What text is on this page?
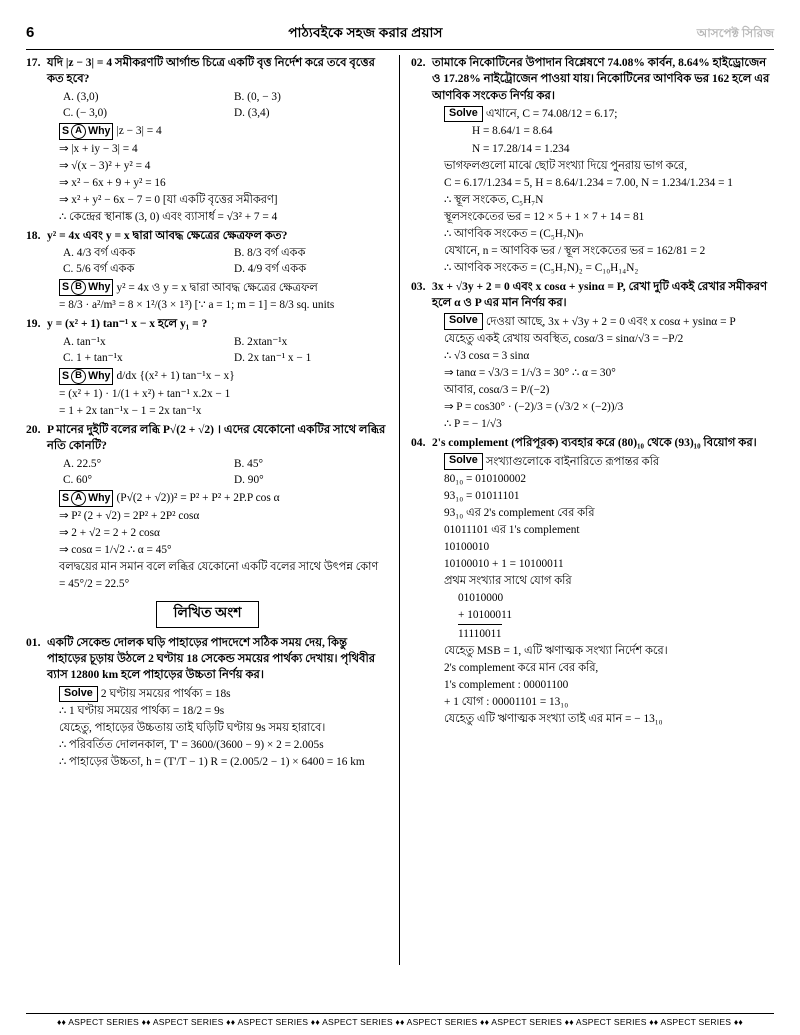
6	পাঠ্যবইকে সহজ করার প্রয়াস	আসপেক্ট সিরিজ
17. যদি |z − 3| = 4 সমীকরণটি আর্গান্ড চিত্রে একটি বৃত্ত নির্দেশ করে তবে বৃত্তের কত হবে?
A. (3,0)	B. (0, − 3)
C. (− 3,0)	D. (3,4)
S A Why |z − 3| = 4
⇒ |x + iy − 3| = 4
⇒ √(x − 3)² + y² = 4
⇒ x² − 6x + 9 + y² = 16
⇒ x² + y² − 6x − 7 = 0 [যা একটি বৃত্তের সমীকরণ]
∴ কেন্দ্রের স্থানাঙ্ক (3, 0) এবং ব্যাসার্ধ = √3² + 7 = 4
18. y² = 4x এবং y = x দ্বারা আবদ্ধ ক্ষেত্রের ক্ষেত্রফল কত?
A. 4/3 বর্গ একক	B. 8/3 বর্গ একক
C. 5/6 বর্গ একক	D. 4/9 বর্গ একক
S B Why y² = 4x ও y = x দ্বারা আবদ্ধ ক্ষেত্রের ক্ষেত্রফল
= 8/3 · a²/m³ = 8 × 1²/(3 × 1³) [∵ a = 1; m = 1] = 8/3 sq. units
19. y = (x² + 1) tan⁻¹ x − x হলে y₁ = ?
A. tan⁻¹x	B. 2xtan⁻¹x
C. 1 + tan⁻¹x	D. 2x tan⁻¹ x − 1
S B Why d/dx {(x² + 1) tan⁻¹x − x}
= (x² + 1) · 1/(1 + x²) + tan⁻¹ x.2x − 1
= 1 + 2x tan⁻¹x − 1 = 2x tan⁻¹x
20. P মানের দুইটি বলের লব্ধি P√(2 + √2) । এদের যেকোনো একটির সাথে লব্ধির নতি কোনটি?
A. 22.5°	B. 45°
C. 60°	D. 90°
S A Why (P√(2 + √2))² = P² + P² + 2P.P cos α
⇒ P² (2 + √2) = 2P² + 2P² cosα
⇒ 2 + √2 = 2 + 2 cosα
⇒ cosα = 1/√2 ∴ α = 45°
বলদ্বয়ের মান সমান বলে লব্ধির যেকোনো একটি বলের সাথে উৎপন্ন কোণ
= 45°/2 = 22.5°
লিখিত অংশ
01. একটি সেকেন্ড দোলক ঘড়ি পাহাড়ের পাদদেশে সঠিক সময় দেয়, কিন্তু পাহাড়ের চূড়ায় উঠলে 2 ঘণ্টায় 18 সেকেন্ড সময়ের পার্থক্য দেখায়। পৃথিবীর ব্যাস 12800 km হলে পাহাড়ের উচ্চতা নির্ণয় কর।
Solve 2 ঘণ্টায় সময়ের পার্থক্য = 18s
∴ 1 ঘণ্টায় সময়ের পার্থক্য = 18/2 = 9s
যেহেতু, পাহাড়ের উচ্চতায় তাই ঘড়িটি ঘণ্টায় 9s সময় হারাবে।
∴ পরিবর্তিত দোলনকাল, T' = 3600/(3600 − 9) × 2 = 2.005s
∴ পাহাড়ের উচ্চতা, h = (T'/T − 1) R = (2.005/2 − 1) × 6400 = 16 km
02. তামাকে নিকোটিনের উপাদান বিশ্লেষণে 74.08% কার্বন, 8.64% হাইড্রোজেন ও 17.28% নাইট্রোজেন পাওয়া যায়। নিকোটিনের আণবিক ভর 162 হলে এর আণবিক সংকেত নির্ণয় কর।
Solve এখানে, C = 74.08/12 = 6.17;
H = 8.64/1 = 8.64
N = 17.28/14 = 1.234
ভাগফলগুলো মাঝে ছোট সংখ্যা দিয়ে পুনরায় ভাগ করে,
C = 6.17/1.234 = 5, H = 8.64/1.234 = 7.00, N = 1.234/1.234 = 1
∴ স্থূল সংকেত, C₅H₇N
স্থূলসংকেতের ভর = 12 × 5 + 1 × 7 + 14 = 81
∴ আণবিক সংকেত = (C₅H₇N)ₙ
যেখানে, n = আণবিক ভর / স্থূল সংকেতের ভর = 162/81 = 2
∴ আণবিক সংকেত = (C₅H₇N)₂ = C₁₀H₁₄N₂
03. 3x + √3y + 2 = 0 এবং x cosα + ysinα = P, রেখা দুটি একই রেখার সমীকরণ হলে α ও P এর মান নির্ণয় কর।
Solve দেওয়া আছে, 3x + √3y + 2 = 0 এবং x cosα + ysinα = P
যেহেতু একই রেখায় অবস্থিত, cosα/3 = sinα/√3 = −P/2
∴ √3 cosα = 3 sinα
⇒ tanα = √3/3 = 1/√3 = 30° ∴ α = 30°
আবার, cosα/3 = P/(−2)
⇒ P = cos30° · (−2)/3 = (√3/2 × (−2))/3
∴ P = − 1/√3
04. 2's complement (পরিপূরক) ব্যবহার করে (80)₁₀ থেকে (93)₁₀ বিয়োগ কর।
Solve সংখ্যাগুলোকে বাইনারিতে রূপান্তর করি
80₁₀ = 010100002
93₁₀ = 01011101
93₁₀ এর 2's complement বের করি
01011101 এর 1's complement
10100010
10100010 + 1 = 10100011
প্রথম সংখ্যার সাথে যোগ করি
01010000
+ 10100011
11110011
যেহেতু MSB = 1, এটি ঋণাত্মক সংখ্যা নির্দেশ করে।
2's complement করে মান বের করি,
1's complement : 00001100
+ 1 যোগ : 00001101 = 13₁₀
যেহেতু এটি ঋণাত্মক সংখ্যা তাই এর মান = − 13₁₀
♦♦ ASPECT SERIES ♦♦ ASPECT SERIES ♦♦ ASPECT SERIES ♦♦ ASPECT SERIES ♦♦ ASPECT SERIES ♦♦ ASPECT SERIES ♦♦ ASPECT SERIES ♦♦ ASPECT SERIES ♦♦
